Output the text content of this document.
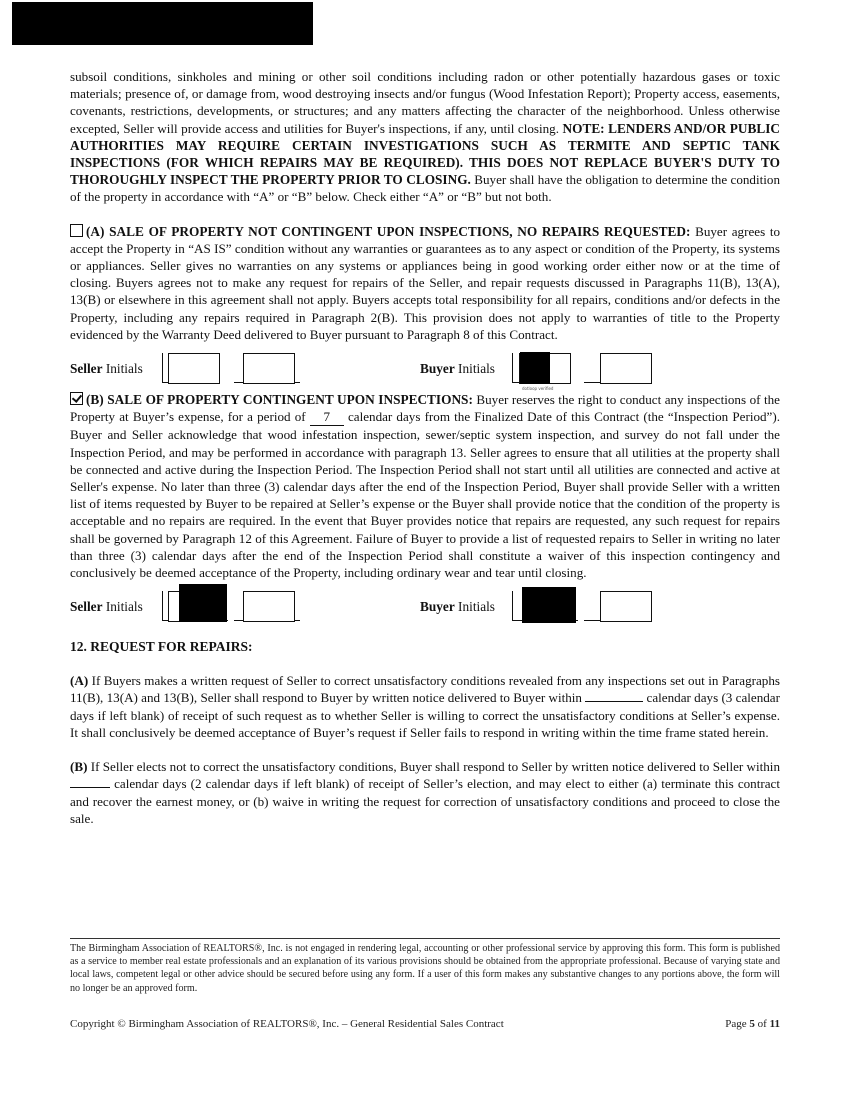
subsoil conditions, sinkholes and mining or other soil conditions including radon or other potentially hazardous gases or toxic materials; presence of, or damage from, wood destroying insects and/or fungus (Wood Infestation Report); Property access, easements, covenants, restrictions, developments, or structures; and any matters affecting the character of the neighborhood. Unless otherwise excepted, Seller will provide access and utilities for Buyer's inspections, if any, until closing. NOTE: LENDERS AND/OR PUBLIC AUTHORITIES MAY REQUIRE CERTAIN INVESTIGATIONS SUCH AS TERMITE AND SEPTIC TANK INSPECTIONS (FOR WHICH REPAIRS MAY BE REQUIRED). THIS DOES NOT REPLACE BUYER'S DUTY TO THOROUGHLY INSPECT THE PROPERTY PRIOR TO CLOSING. Buyer shall have the obligation to determine the condition of the property in accordance with “A” or “B” below. Check either “A” or “B” but not both.

(A) SALE OF PROPERTY NOT CONTINGENT UPON INSPECTIONS, NO REPAIRS REQUESTED: Buyer agrees to accept the Property in “AS IS” condition without any warranties or guarantees as to any aspect or condition of the Property, its systems or appliances. Seller gives no warranties on any systems or appliances being in good working order either now or at the time of closing. Buyers agrees not to make any request for repairs of the Seller, and repair requests discussed in Paragraphs 11(B), 13(A), 13(B) or elsewhere in this agreement shall not apply. Buyers accepts total responsibility for all repairs, conditions and/or defects in the Property, including any repairs required in Paragraph 2(B). This provision does not apply to warranties of title to the Property evidenced by the Warranty Deed delivered to Buyer pursuant to Paragraph 8 of this Contract.

Seller Initials	Buyer Initials
dotloop verified

(B) SALE OF PROPERTY CONTINGENT UPON INSPECTIONS: Buyer reserves the right to conduct any inspections of the Property at Buyer’s expense, for a period of 7 calendar days from the Finalized Date of this Contract (the “Inspection Period”). Buyer and Seller acknowledge that wood infestation inspection, sewer/septic system inspection, and survey do not fall under the Inspection Period, and may be performed in accordance with paragraph 13. Seller agrees to ensure that all utilities at the property shall be connected and active during the Inspection Period. The Inspection Period shall not start until all utilities are connected and active at Seller's expense. No later than three (3) calendar days after the end of the Inspection Period, Buyer shall provide Seller with a written list of items requested by Buyer to be repaired at Seller’s expense or the Buyer shall provide notice that the condition of the property is acceptable and no repairs are required. In the event that Buyer provides notice that repairs are requested, any such request for repairs shall be governed by Paragraph 12 of this Agreement. Failure of Buyer to provide a list of requested repairs to Seller in writing no later than three (3) calendar days after the end of the Inspection Period shall constitute a waiver of this inspection contingency and conclusively be deemed acceptance of the Property, including ordinary wear and tear until closing.

Seller Initials	Buyer Initials
12. REQUEST FOR REPAIRS:

(A) If Buyers makes a written request of Seller to correct unsatisfactory conditions revealed from any inspections set out in Paragraphs 11(B), 13(A) and 13(B), Seller shall respond to Buyer by written notice delivered to Buyer within	calendar days (3 calendar days if left blank) of receipt of such request as to whether Seller is willing to correct the unsatisfactory conditions at Seller’s expense. It shall conclusively be deemed acceptance of Buyer’s request if Seller fails to respond in writing within the time frame stated herein.

(B) If Seller elects not to correct the unsatisfactory conditions, Buyer shall respond to Seller by written notice delivered to Seller within  calendar days (2 calendar days if left blank) of receipt of Seller’s election, and may elect to either (a) terminate this contract and recover the earnest money, or (b) waive in writing the request for correction of unsatisfactory conditions and proceed to close the sale.

The Birmingham Association of REALTORS®, Inc. is not engaged in rendering legal, accounting or other professional service by approving this form. This form is published as a service to member real estate professionals and an explanation of its various provisions should be obtained from the appropriate professional. Because of varying state and local laws, competent legal or other advice should be secured before using any form. If a user of this form makes any substantive changes to any portions above, the form will no longer be an approved form.
Copyright © Birmingham Association of REALTORS®, Inc. – General Residential Sales Contract	Page 5 of 11
